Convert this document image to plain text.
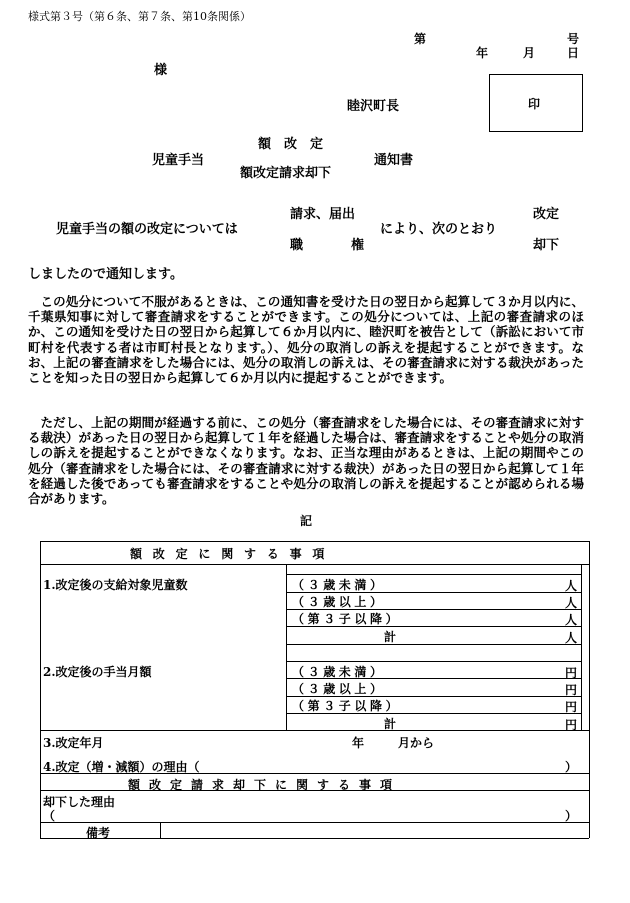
様式第３号（第６条、第７条、第10条関係）
第	号
年	月	日
様
睦沢町長	印
額　改　定
児童手当	通知書
額改定請求却下
請求、届出	改定
児童手当の額の改定については	により、次のとおり
職	権	却下
しましたので通知します。
この処分について不服があるときは、この通知書を受けた日の翌日から起算して３か月以内に、千葉県知事に対して審査請求をすることができます。この処分については、上記の審査請求のほか、この通知を受けた日の翌日から起算して６か月以内に、睦沢町を被告として（訴訟において市町村を代表する者は市町村長となります。）、処分の取消しの訴えを提起することができます。なお、上記の審査請求をした場合には、処分の取消しの訴えは、その審査請求に対する裁決があったことを知った日の翌日から起算して６か月以内に提起することができます。
ただし、上記の期間が経過する前に、この処分（審査請求をした場合には、その審査請求に対する裁決）があった日の翌日から起算して１年を経過した場合は、審査請求をすることや処分の取消しの訴えを提起することができなくなります。なお、正当な理由があるときは、上記の期間やこの処分（審査請求をした場合には、その審査請求に対する裁決）があった日の翌日から起算して１年を経過した後であっても審査請求をすることや処分の取消しの訴えを提起することが認められる場合があります。
記
額改定に関する事項
1.改定後の支給対象児童数	（３歳未満）	人
（３歳以上）	人
（第３子以降）	人
計	人
2.改定後の手当月額	（３歳未満）	円
（３歳以上）	円
（第３子以降）	円
計	円
3.改定年月	年	月から
4.改定（増・減額）の理由（	）
額改定請求却下に関する事項
却下した理由
（	）
備考
